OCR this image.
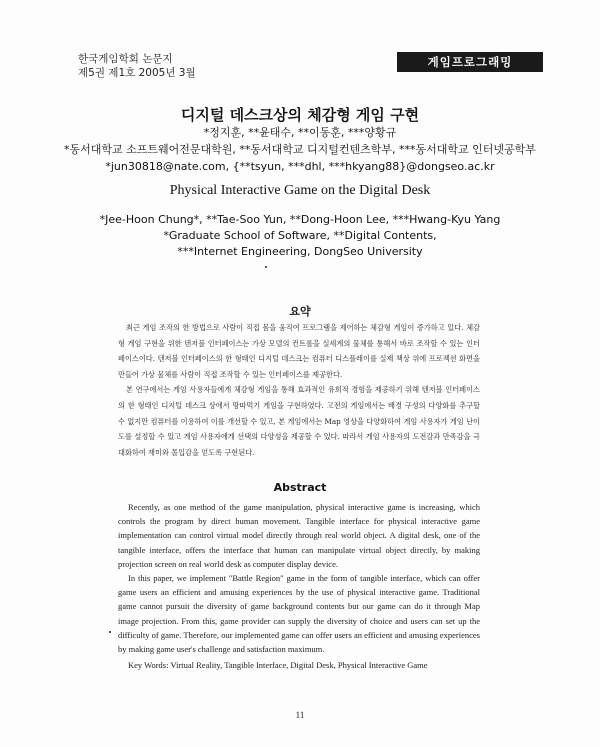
한국게임학회 논문지
제5권 제1호 2005년 3월
게임프로그래밍
디지털 데스크상의 체감형 게임 구현
*정지훈, **윤태수, **이동훈, ***양황규
*동서대학교 소프트웨어전문대학원, **동서대학교 디지털컨텐츠학부, ***동서대학교 인터넷공학부
*jun30818@nate.com, {**tsyun, ***dhl, ***hkyang88}@dongseo.ac.kr
Physical Interactive Game on the Digital Desk
*Jee-Hoon Chung*, **Tae-Soo Yun, **Dong-Hoon Lee, ***Hwang-Kyu Yang
*Graduate School of Software, **Digital Contents,
***Internet Engineering, DongSeo University
요약

최근 게임 조작의 한 방법으로 사람이 직접 몸을 움직여 프로그램을 제어하는 체감형 게임이 증가하고 있다. 체감형 게임 구현을 위한 텐저블 인터페이스는 가상 모델의 컨트롤을 실세계의 물체를 통해서 바로 조작할 수 있는 인터페이스이다. 텐저블 인터페이스의 한 형태인 디지털 데스크는 컴퓨터 디스플레이를 실제 책상 위에 프로젝션 화면을 만들어 가상 물체를 사람이 직접 조작할 수 있는 인터페이스를 제공한다.

본 연구에서는 게임 사용자들에게 체감형 게임을 통해 효과적인 유희적 경험을 제공하기 위해 텐저블 인터페이스의 한 형태인 디지털 데스크 상에서 땅따먹기 게임을 구현하였다. 고전의 게임에서는 배경 구성의 다양화를 추구할 수 없지만 컴퓨터를 이용하여 이를 개선할 수 있고, 본 게임에서는 Map 영상을 다양화하여 게임 사용자가 게임 난이도를 설정할 수 있고 게임 사용자에게 선택의 다양성을 제공할 수 있다. 따라서 게임 사용자의 도전감과 만족감을 극대화하여 재미와 몰입감을 얻도록 구현된다.

Abstract

Recently, as one method of the game manipulation, physical interactive game is increasing, which controls the program by direct human movement. Tangible interface for physical interactive game implementation can control virtual model directly through real world object. A digital desk, one of the tangible interface, offers the interface that human can manipulate virtual object directly, by making projection screen on real world desk as computer display device.

In this paper, we implement "Battle Region" game in the form of tangible interface, which can offer game users an efficient and amusing experiences by the use of physical interactive game. Traditional game cannot pursuit the diversity of game background contents but our game can do it through Map image projection. From this, game provider can supply the diversity of choice and users can set up the difficulty of game. Therefore, our implemented game can offer users an efficient and amusing experiences by making game user's challenge and satisfaction maximum.

Key Words: Virtual Reality, Tangible Interface, Digital Desk, Physical Interactive Game
11
